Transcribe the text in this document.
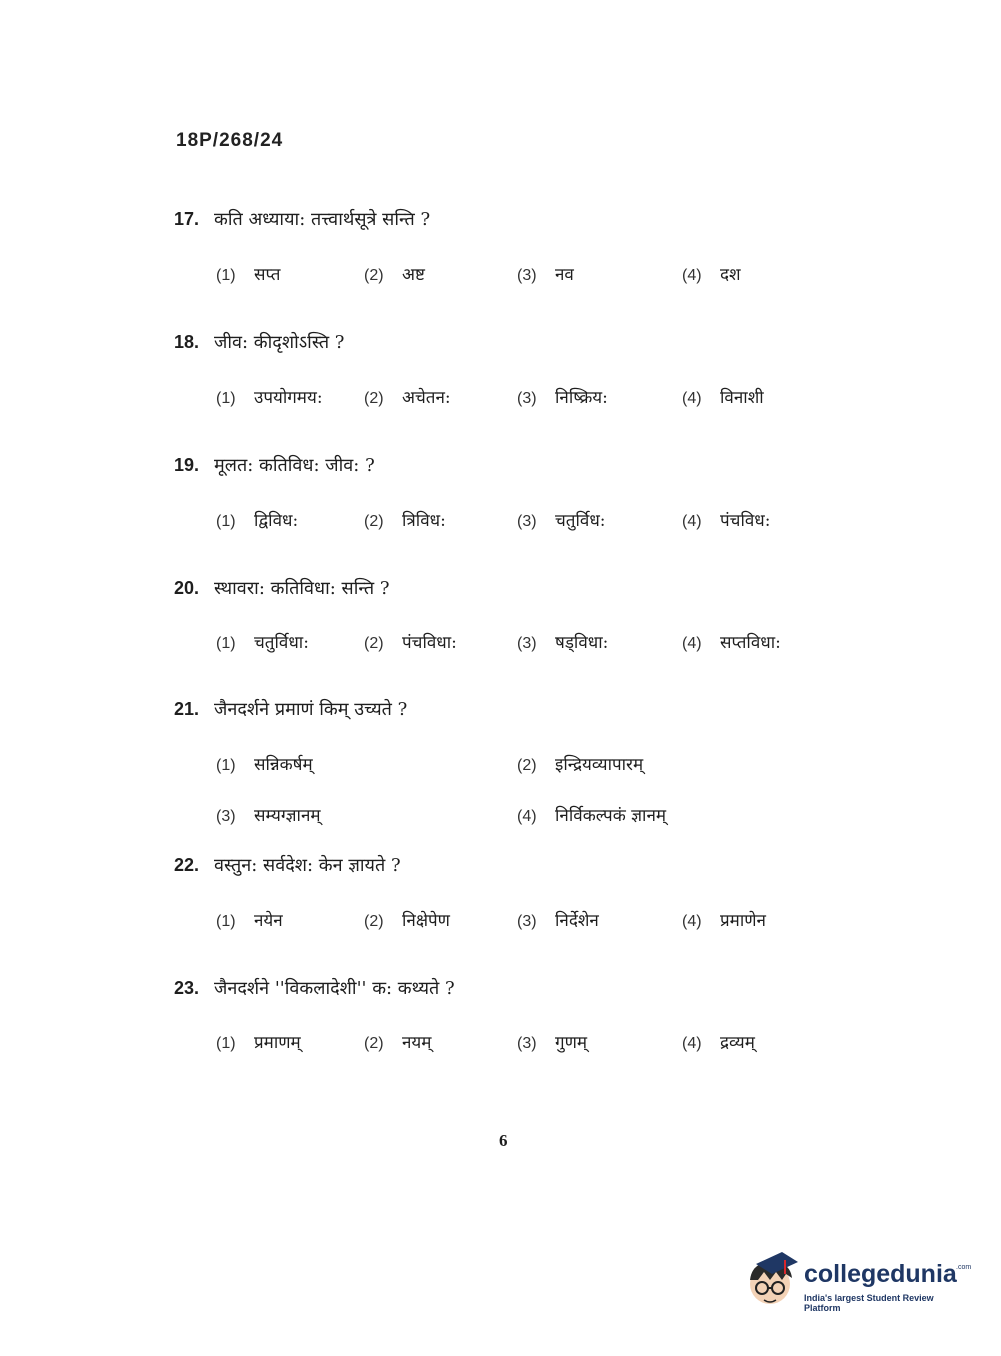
18P/268/24
17. कति अध्याया: तत्त्वार्थसूत्रे सन्ति ?
(1) सप्त	(2) अष्ट	(3) नव	(4) दश
18. जीव: कीदृशोऽस्ति ?
(1) उपयोगमय:	(2) अचेतन:	(3) निष्क्रिय:	(4) विनाशी
19. मूलत: कतिविध: जीव: ?
(1) द्विविध:	(2) त्रिविध:	(3) चतुर्विध:	(4) पंचविध:
20. स्थावरा: कतिविधा: सन्ति ?
(1) चतुर्विधा:	(2) पंचविधा:	(3) षड्विधा:	(4) सप्तविधा:
21. जैनदर्शने प्रमाणं किम् उच्यते ?
(1) सन्निकर्षम्	(2) इन्द्रियव्यापारम्
(3) सम्यग्ज्ञानम्	(4) निर्विकल्पकं ज्ञानम्
22. वस्तुन: सर्वदेश: केन ज्ञायते ?
(1) नयेन	(2) निक्षेपेण	(3) निर्देशेन	(4) प्रमाणेन
23. जैनदर्शने ''विकलादेशी'' क: कथ्यते ?
(1) प्रमाणम्	(2) नयम्	(3) गुणम्	(4) द्रव्यम्
6
collegedunia .com
India's largest Student Review Platform
